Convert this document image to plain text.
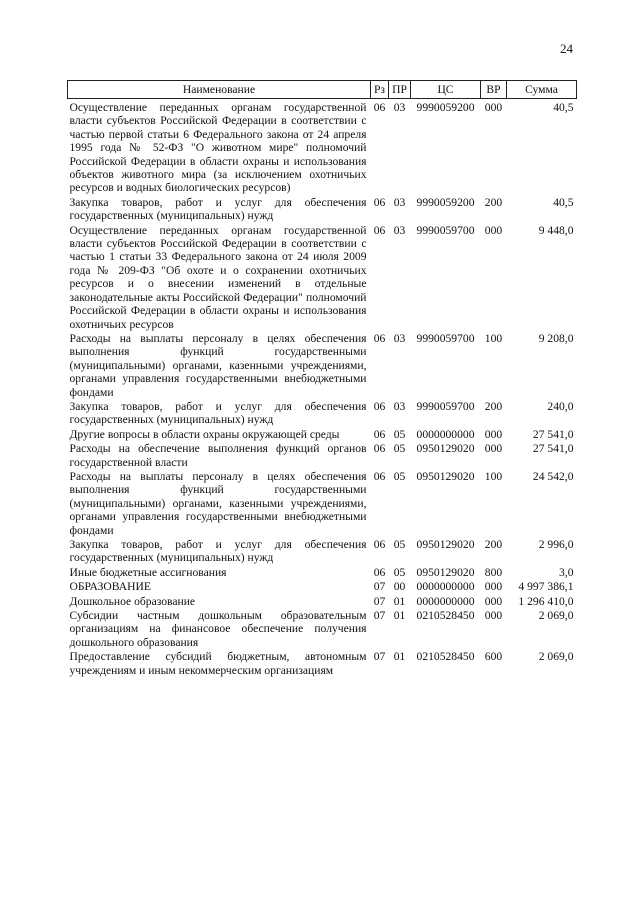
24
Наименование	Рз	ПР	ЦС	ВР	Сумма
Осуществление переданных органам государственной власти субъектов Российской Федерации в соответствии с частью первой статьи 6 Федерального закона от 24 апреля 1995 года № 52-ФЗ "О животном мире" полномочий Российской Федерации в области охраны и использования объектов животного мира (за исключением охотничьих ресурсов и водных биологических ресурсов)	06	03	9990059200	000	40,5
Закупка товаров, работ и услуг для обеспечения государственных (муниципальных) нужд	06	03	9990059200	200	40,5
Осуществление переданных органам государственной власти субъектов Российской Федерации в соответствии с частью 1 статьи 33 Федерального закона от 24 июля 2009 года № 209-ФЗ "Об охоте и о сохранении охотничьих ресурсов и о внесении изменений в отдельные законодательные акты Российской Федерации" полномочий Российской Федерации в области охраны и использования охотничьих ресурсов	06	03	9990059700	000	9 448,0
Расходы на выплаты персоналу в целях обеспечения выполнения функций государственными (муниципальными) органами, казенными учреждениями, органами управления государственными внебюджетными фондами	06	03	9990059700	100	9 208,0
Закупка товаров, работ и услуг для обеспечения государственных (муниципальных) нужд	06	03	9990059700	200	240,0
Другие вопросы в области охраны окружающей среды	06	05	0000000000	000	27 541,0
Расходы на обеспечение выполнения функций органов государственной власти	06	05	0950129020	000	27 541,0
Расходы на выплаты персоналу в целях обеспечения выполнения функций государственными (муниципальными) органами, казенными учреждениями, органами управления государственными внебюджетными фондами	06	05	0950129020	100	24 542,0
Закупка товаров, работ и услуг для обеспечения государственных (муниципальных) нужд	06	05	0950129020	200	2 996,0
Иные бюджетные ассигнования	06	05	0950129020	800	3,0
ОБРАЗОВАНИЕ	07	00	0000000000	000	4 997 386,1
Дошкольное образование	07	01	0000000000	000	1 296 410,0
Субсидии частным дошкольным образовательным организациям на финансовое обеспечение получения дошкольного образования	07	01	0210528450	000	2 069,0
Предоставление субсидий бюджетным, автономным учреждениям и иным некоммерческим организациям	07	01	0210528450	600	2 069,0
